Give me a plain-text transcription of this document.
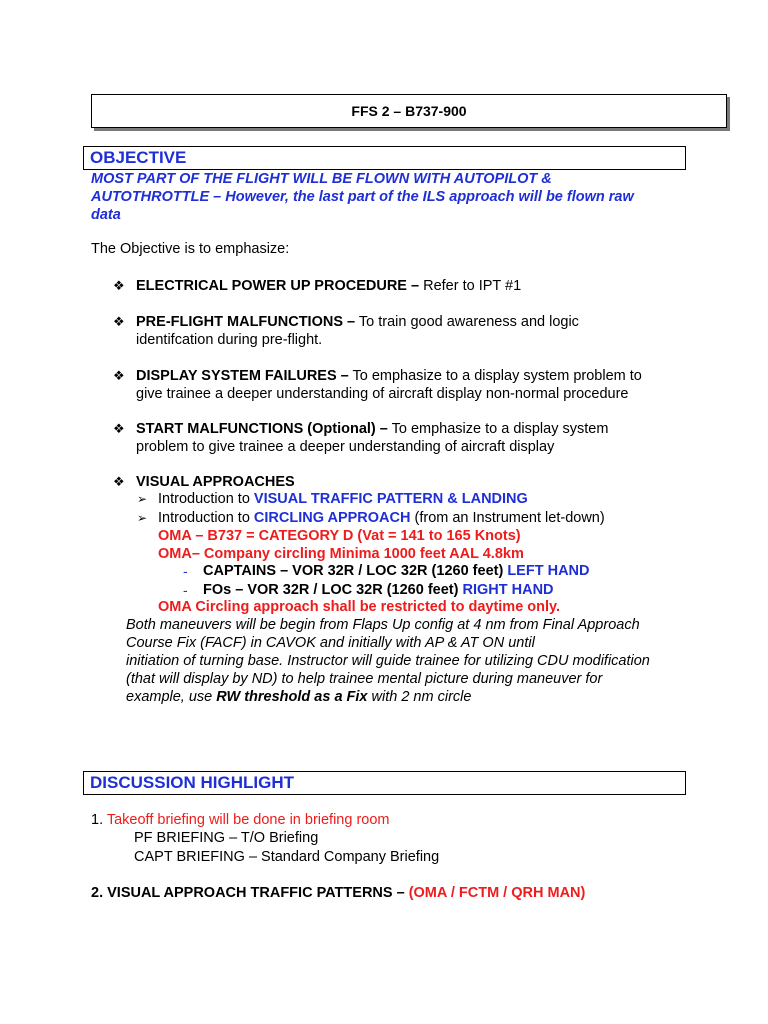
FFS 2 – B737-900
OBJECTIVE
MOST PART OF THE FLIGHT WILL BE FLOWN WITH AUTOPILOT &
AUTOTHROTTLE – However, the last part of the ILS approach will be flown raw
data
The Objective is to emphasize:
❖ ELECTRICAL POWER UP PROCEDURE – Refer to IPT #1
❖ PRE-FLIGHT MALFUNCTIONS – To train good awareness and logic
identifcation during pre-flight.
❖ DISPLAY SYSTEM FAILURES – To emphasize to a display system problem to
give trainee a deeper understanding of aircraft display non-normal procedure
❖ START MALFUNCTIONS (Optional) – To emphasize to a display system
problem to give trainee a deeper understanding of aircraft display
❖ VISUAL APPROACHES
➢ Introduction to VISUAL TRAFFIC PATTERN & LANDING
➢ Introduction to CIRCLING APPROACH (from an Instrument let-down)
OMA – B737 = CATEGORY D (Vat = 141 to 165 Knots)
OMA– Company circling Minima 1000 feet AAL 4.8km
- CAPTAINS – VOR 32R / LOC 32R (1260 feet) LEFT HAND
- FOs – VOR 32R / LOC 32R (1260 feet) RIGHT HAND
OMA Circling approach shall be restricted to daytime only.
Both maneuvers will be begin from Flaps Up config at 4 nm from Final Approach
Course Fix (FACF) in CAVOK and initially with AP & AT ON until
initiation of turning base. Instructor will guide trainee for utilizing CDU modification
(that will display by ND) to help trainee mental picture during maneuver for
example, use RW threshold as a Fix with 2 nm circle
DISCUSSION HIGHLIGHT
1. Takeoff briefing will be done in briefing room
PF BRIEFING – T/O Briefing
CAPT BRIEFING – Standard Company Briefing
2. VISUAL APPROACH TRAFFIC PATTERNS – (OMA / FCTM / QRH MAN)
